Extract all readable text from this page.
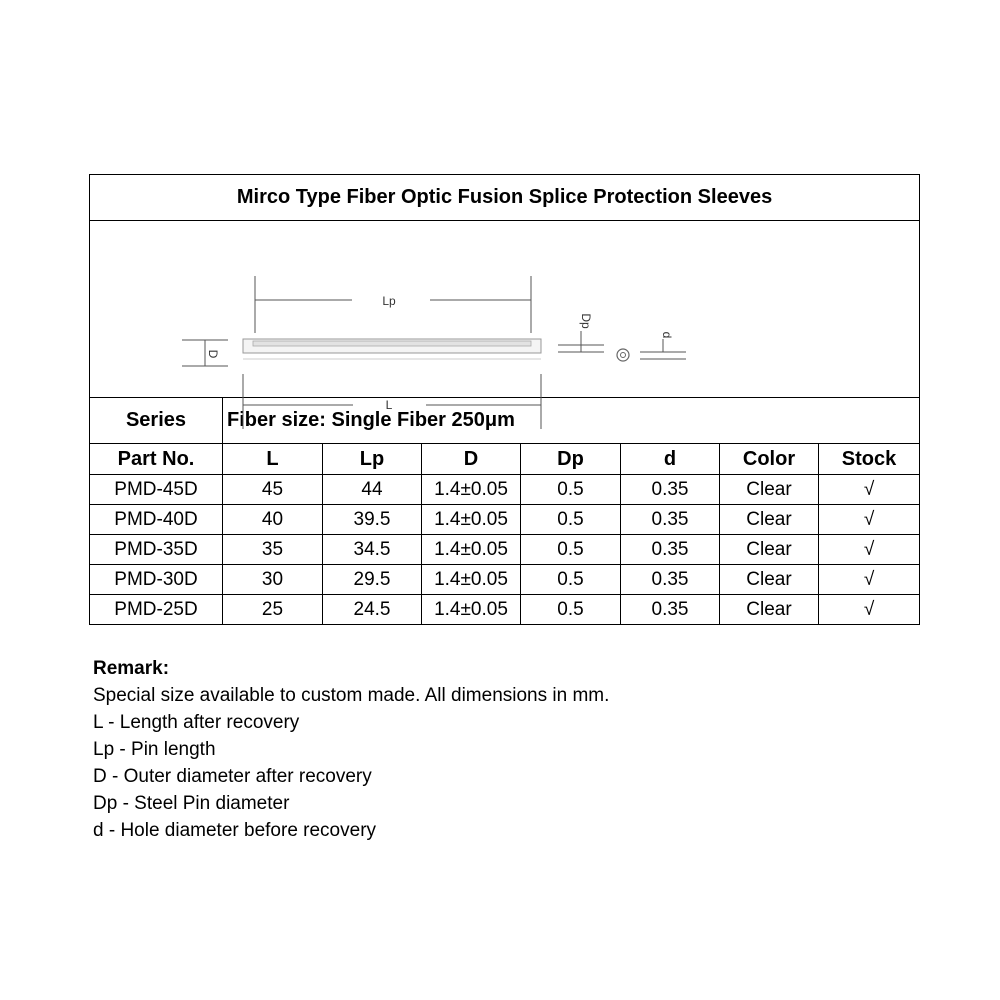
Mirco Type Fiber Optic Fusion Splice Protection Sleeves							

Lp
D
L
Dp
d							

Series	Fiber size: Single Fiber 250μm						
Part No.	L	Lp	D	Dp	d	Color	Stock
PMD-45D	45	44	1.4±0.05	0.5	0.35	Clear	√
PMD-40D	40	39.5	1.4±0.05	0.5	0.35	Clear	√
PMD-35D	35	34.5	1.4±0.05	0.5	0.35	Clear	√
PMD-30D	30	29.5	1.4±0.05	0.5	0.35	Clear	√
PMD-25D	25	24.5	1.4±0.05	0.5	0.35	Clear	√
Remark:
Special size available to custom made. All dimensions in mm.
L - Length after recovery
Lp - Pin length
D - Outer diameter after recovery
Dp - Steel Pin diameter
d - Hole diameter before recovery
